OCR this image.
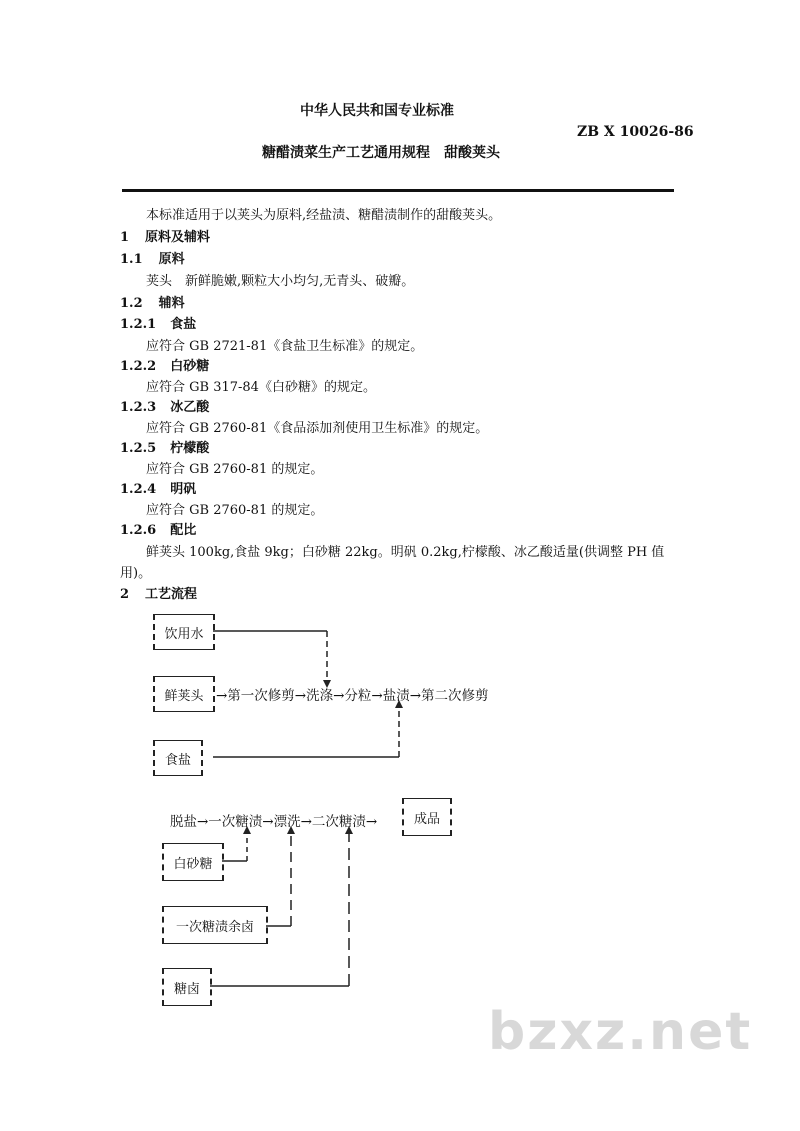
中华人民共和国专业标准
ZB X 10026-86
糖醋渍菜生产工艺通用规程　甜酸荚头
本标准适用于以荚头为原料,经盐渍、糖醋渍制作的甜酸荚头。
1 原料及辅料
1.1 原料
荚头　新鲜脆嫩,颗粒大小均匀,无青头、破瓣。
1.2 辅料
1.2.1 食盐
应符合 GB 2721-81《食盐卫生标准》的规定。
1.2.2 白砂糖
应符合 GB 317-84《白砂糖》的规定。
1.2.3 冰乙酸
应符合 GB 2760-81《食品添加剂使用卫生标准》的规定。
1.2.5 柠檬酸
应符合 GB 2760-81 的规定。
1.2.4 明矾
应符合 GB 2760-81 的规定。
1.2.6 配比
鲜荚头 100kg,食盐 9kg；白砂糖 22kg。明矾 0.2kg,柠檬酸、冰乙酸适量(供调整 PH 值
用)。
2 工艺流程
饮用水
鲜荚头 →第一次修剪→洗涤→分粒→盐渍→第二次修剪
食盐
脱盐→一次糖渍→漂洗→二次糖渍→	成品
白砂糖
一次糖渍余卤
糖卤
bzxz.net
